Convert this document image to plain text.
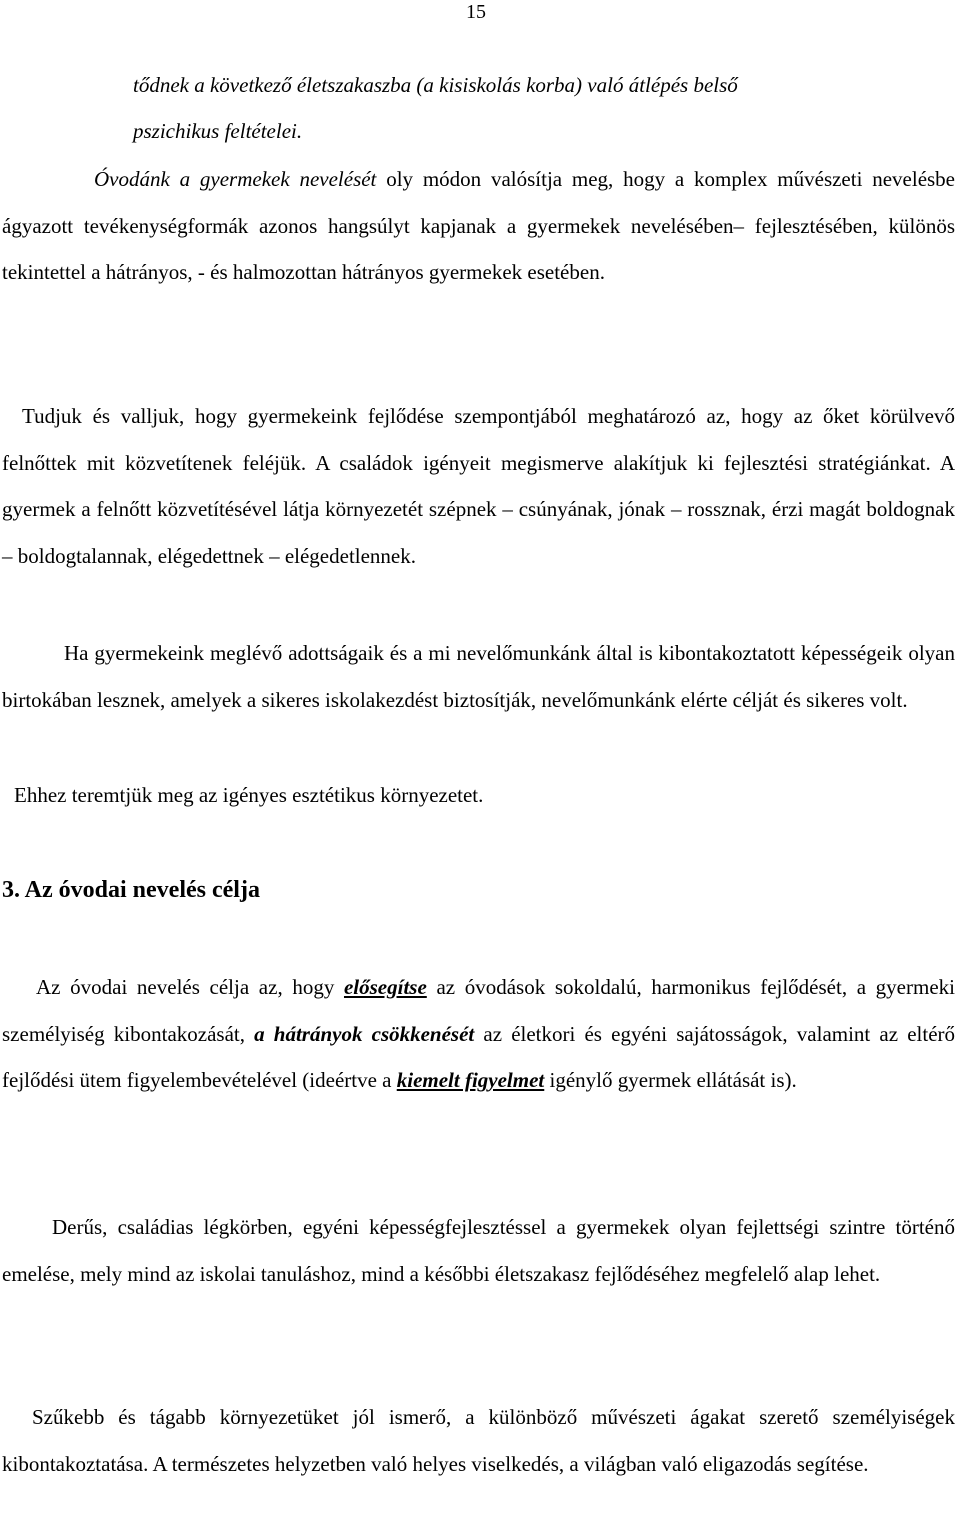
15

tődnek a következő életszakaszba (a kisiskolás korba) való átlépés belső
pszichikus feltételei.

Óvodánk a gyermekek nevelését oly módon valósítja meg, hogy a komplex művészeti nevelésbe ágyazott tevékenységformák azonos hangsúlyt kapjanak a gyermekek nevelésében– fejlesztésében, különös tekintettel a hátrányos, - és halmozottan hátrányos gyermekek esetében.

Tudjuk és valljuk, hogy gyermekeink fejlődése szempontjából meghatározó az, hogy az őket körülvevő felnőttek mit közvetítenek feléjük. A családok igényeit megismerve alakítjuk ki fejlesztési stratégiánkat. A gyermek a felnőtt közvetítésével látja környezetét szépnek – csúnyának, jónak – rossznak, érzi magát boldognak – boldogtalannak, elégedettnek – elégedetlennek.

Ha gyermekeink meglévő adottságaik és a mi nevelőmunkánk által is kibontakoztatott képességeik olyan birtokában lesznek, amelyek a sikeres iskolakezdést biztosítják, nevelőmunkánk elérte célját és sikeres volt.

Ehhez teremtjük meg az igényes esztétikus környezetet.

3. Az óvodai nevelés célja

Az óvodai nevelés célja az, hogy elősegítse az óvodások sokoldalú, harmonikus fejlődését, a gyermeki személyiség kibontakozását, a hátrányok csökkenését az életkori és egyéni sajátosságok, valamint az eltérő fejlődési ütem figyelembevételével (ideértve a kiemelt figyelmet igénylő gyermek ellátását is).

Derűs, családias légkörben, egyéni képességfejlesztéssel a gyermekek olyan fejlettségi szintre történő emelése, mely mind az iskolai tanuláshoz, mind a későbbi életszakasz fejlődéséhez megfelelő alap lehet.

Szűkebb és tágabb környezetüket jól ismerő, a különböző művészeti ágakat szerető személyiségek kibontakoztatása. A természetes helyzetben való helyes viselkedés, a világban való eligazodás segítése.
